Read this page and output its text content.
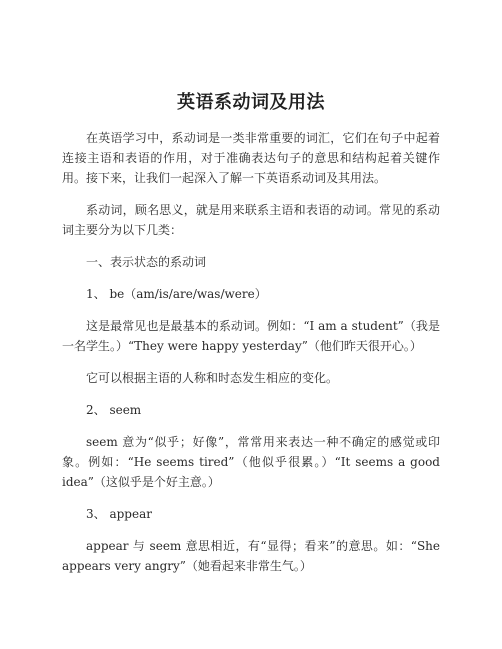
英语系动词及用法

在英语学习中，系动词是一类非常重要的词汇，它们在句子中起着连接主语和表语的作用，对于准确表达句子的意思和结构起着关键作用。接下来，让我们一起深入了解一下英语系动词及其用法。

系动词，顾名思义，就是用来联系主语和表语的动词。常见的系动词主要分为以下几类：

一、表示状态的系动词

1、 be（am/is/are/was/were）

这是最常见也是最基本的系动词。例如：“I am a student”（我是一名学生。）“They were happy yesterday”（他们昨天很开心。）

它可以根据主语的人称和时态发生相应的变化。

2、 seem

seem 意为“似乎；好像”，常常用来表达一种不确定的感觉或印象。例如：“He seems tired”（他似乎很累。）“It seems a good idea”（这似乎是个好主意。）

3、 appear

appear 与 seem 意思相近，有“显得；看来”的意思。如：“She appears very angry”（她看起来非常生气。）
